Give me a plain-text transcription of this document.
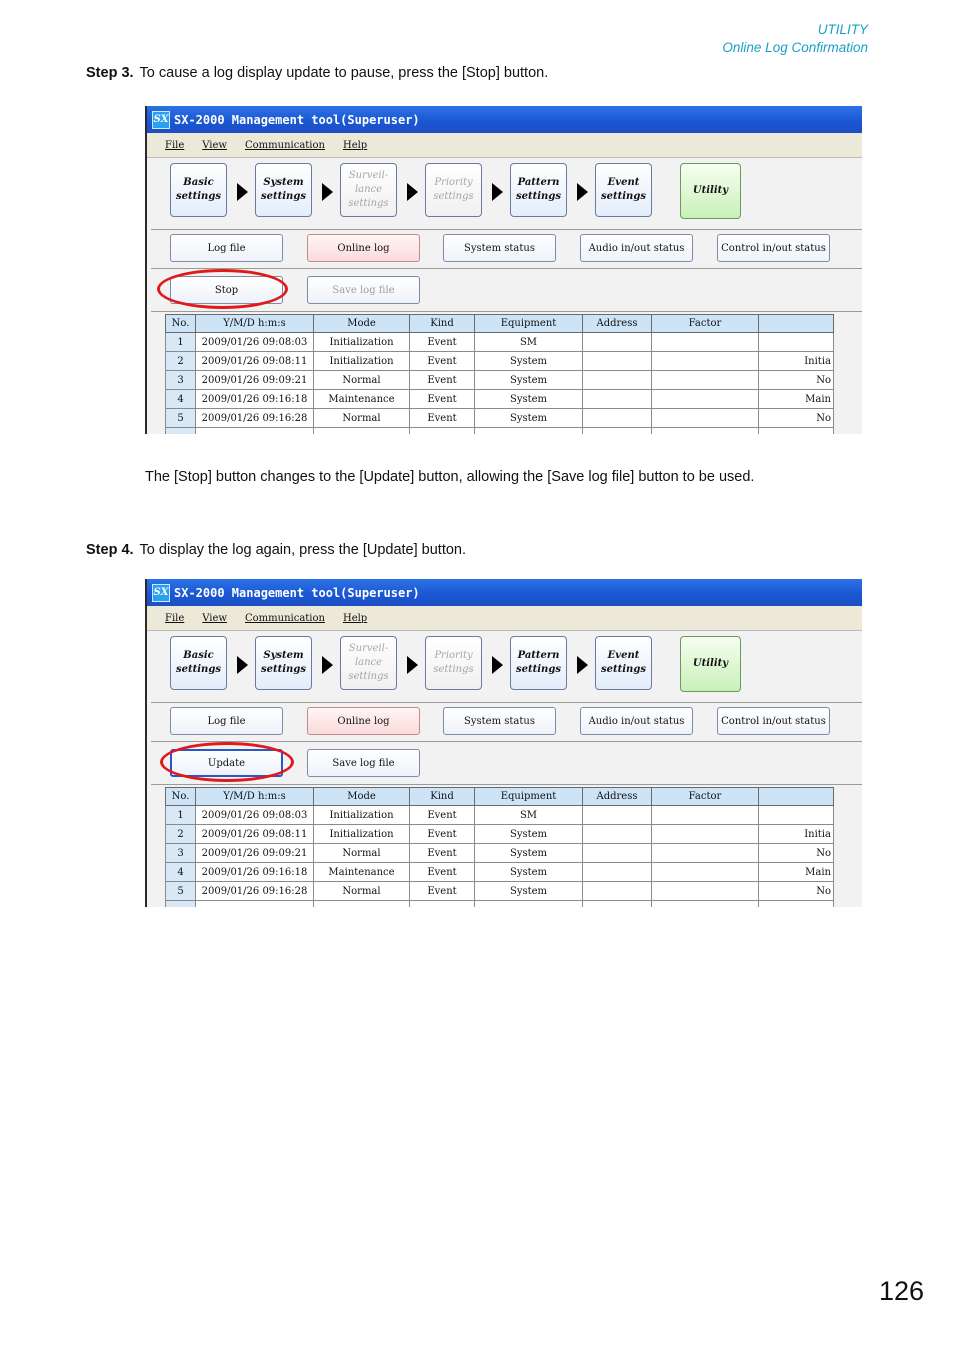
UTILITY
Online Log Confirmation
Step 3. To cause a log display update to pause, press the [Stop] button.
SX SX-2000 Management tool(Superuser)
File View Communication Help
Basic settings
System settings
Surveil- lance settings
Priority settings
Pattern settings
Event settings
Utility
Log file	Online log	System status	Audio in/out status	Control in/out status
Stop	Save log file
No.	Y/M/D h:m:s	Mode	Kind	Equipment	Address	Factor	
1	2009/01/26 09:08:03	Initialization	Event	SM			
2	2009/01/26 09:08:11	Initialization	Event	System			Initia
3	2009/01/26 09:09:21	Normal	Event	System			No
4	2009/01/26 09:16:18	Maintenance	Event	System			Main
5	2009/01/26 09:16:28	Normal	Event	System			No

The [Stop] button changes to the [Update] button, allowing the [Save log file] button to be used.
Step 4. To display the log again, press the [Update] button.
SX SX-2000 Management tool(Superuser)
File View Communication Help
Basic settings
System settings
Surveil- lance settings
Priority settings
Pattern settings
Event settings
Utility
Log file	Online log	System status	Audio in/out status	Control in/out status
Update	Save log file
No.	Y/M/D h:m:s	Mode	Kind	Equipment	Address	Factor	
1	2009/01/26 09:08:03	Initialization	Event	SM			
2	2009/01/26 09:08:11	Initialization	Event	System			Initia
3	2009/01/26 09:09:21	Normal	Event	System			No
4	2009/01/26 09:16:18	Maintenance	Event	System			Main
5	2009/01/26 09:16:28	Normal	Event	System			No

126
